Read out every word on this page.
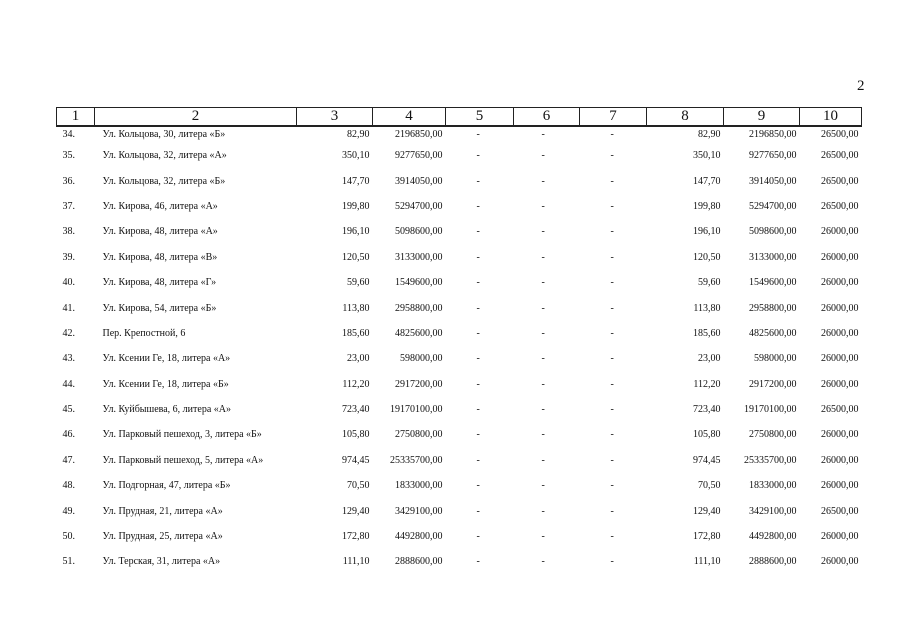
2
1	2	3	4	5	6	7	8	9	10
34.	Ул. Кольцова, 30, литера «Б»	82,90	2196850,00	-	-	-	82,90	2196850,00	26500,00
35.	Ул. Кольцова, 32, литера «А»	350,10	9277650,00	-	-	-	350,10	9277650,00	26500,00
36.	Ул. Кольцова, 32, литера «Б»	147,70	3914050,00	-	-	-	147,70	3914050,00	26500,00
37.	Ул. Кирова, 46, литера «А»	199,80	5294700,00	-	-	-	199,80	5294700,00	26500,00
38.	Ул. Кирова, 48, литера «А»	196,10	5098600,00	-	-	-	196,10	5098600,00	26000,00
39.	Ул. Кирова, 48, литера «В»	120,50	3133000,00	-	-	-	120,50	3133000,00	26000,00
40.	Ул. Кирова, 48, литера «Г»	59,60	1549600,00	-	-	-	59,60	1549600,00	26000,00
41.	Ул. Кирова, 54, литера «Б»	113,80	2958800,00	-	-	-	113,80	2958800,00	26000,00
42.	Пер. Крепостной, 6	185,60	4825600,00	-	-	-	185,60	4825600,00	26000,00
43.	Ул. Ксении Ге, 18, литера «А»	23,00	598000,00	-	-	-	23,00	598000,00	26000,00
44.	Ул. Ксении Ге, 18, литера «Б»	112,20	2917200,00	-	-	-	112,20	2917200,00	26000,00
45.	Ул. Куйбышева, 6, литера «А»	723,40	19170100,00	-	-	-	723,40	19170100,00	26500,00
46.	Ул. Парковый пешеход, 3, литера «Б»	105,80	2750800,00	-	-	-	105,80	2750800,00	26000,00
47.	Ул. Парковый пешеход, 5, литера «А»	974,45	25335700,00	-	-	-	974,45	25335700,00	26000,00
48.	Ул. Подгорная, 47, литера «Б»	70,50	1833000,00	-	-	-	70,50	1833000,00	26000,00
49.	Ул. Прудная, 21, литера «А»	129,40	3429100,00	-	-	-	129,40	3429100,00	26500,00
50.	Ул. Прудная, 25, литера «А»	172,80	4492800,00	-	-	-	172,80	4492800,00	26000,00
51.	Ул. Терская, 31, литера «А»	111,10	2888600,00	-	-	-	111,10	2888600,00	26000,00
